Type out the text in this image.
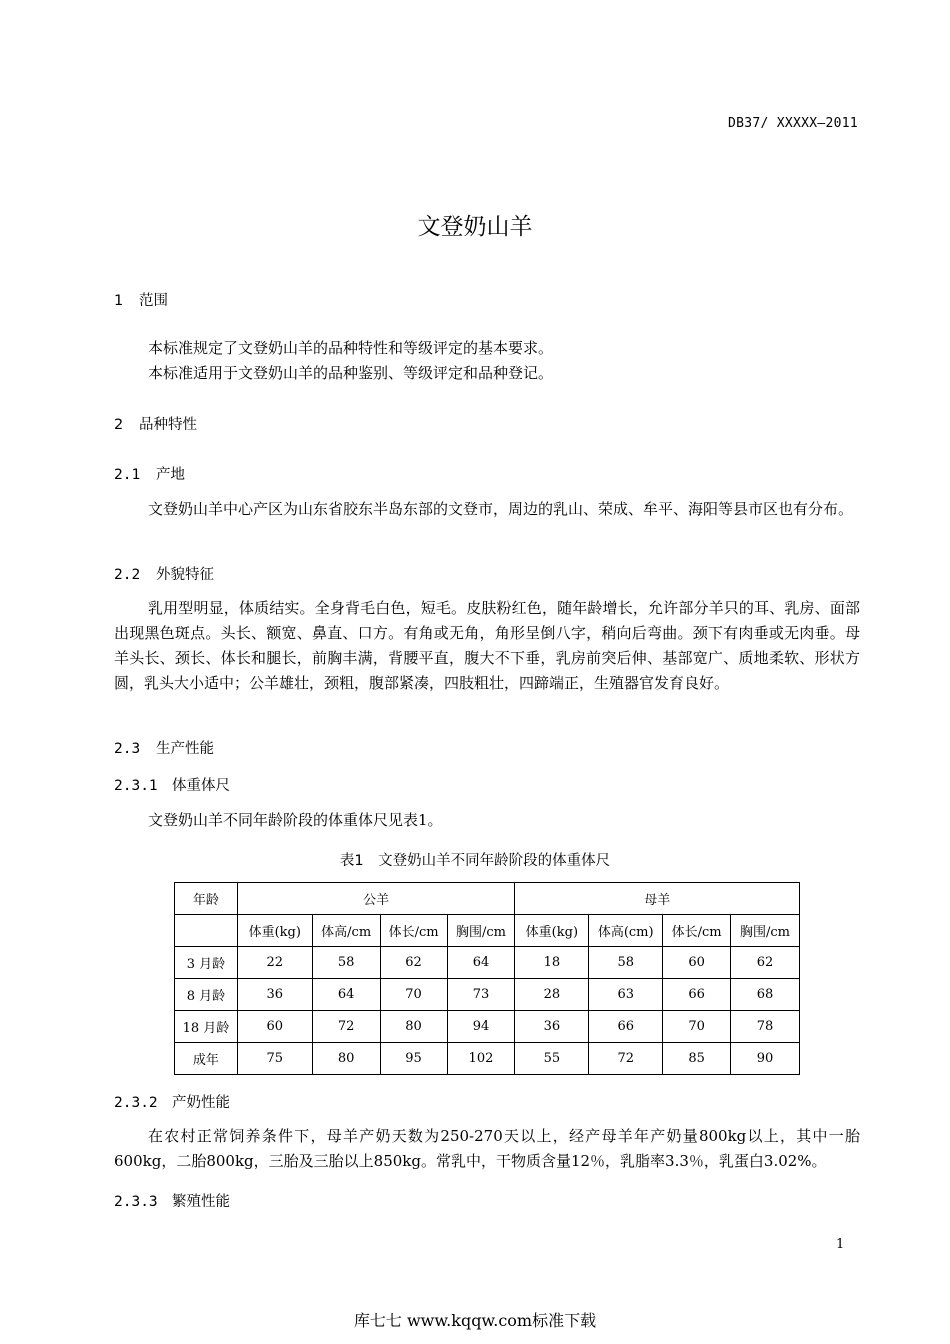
DB37/ XXXXX—2011
文登奶山羊
1 范围

本标准规定了文登奶山羊的品种特性和等级评定的基本要求。

本标准适用于文登奶山羊的品种鉴别、等级评定和品种登记。

2 品种特性
2.1 产地

文登奶山羊中心产区为山东省胶东半岛东部的文登市，周边的乳山、荣成、牟平、海阳等县市区也有分布。

2.2 外貌特征

乳用型明显，体质结实。全身背毛白色，短毛。皮肤粉红色，随年龄增长，允许部分羊只的耳、乳房、面部出现黑色斑点。头长、额宽、鼻直、口方。有角或无角，角形呈倒八字，稍向后弯曲。颈下有肉垂或无肉垂。母羊头长、颈长、体长和腿长，前胸丰满，背腰平直，腹大不下垂，乳房前突后伸、基部宽广、质地柔软、形状方圆，乳头大小适中；公羊雄壮，颈粗，腹部紧凑，四肢粗壮，四蹄端正，生殖器官发育良好。

2.3 生产性能
2.3.1 体重体尺

文登奶山羊不同年龄阶段的体重体尺见表1。

表1　文登奶山羊不同年龄阶段的体重体尺
年龄	公羊				母羊			
	体重(kg)	体高/cm	体长/cm	胸围/cm	体重(kg)	体高(cm)	体长/cm	胸围/cm
3 月龄	22	58	62	64	18	58	60	62
8 月龄	36	64	70	73	28	63	66	68
18 月龄	60	72	80	94	36	66	70	78
成年	75	80	95	102	55	72	85	90
2.3.2 产奶性能

在农村正常饲养条件下，母羊产奶天数为250-270天以上，经产母羊年产奶量800kg以上，其中一胎600kg，二胎800kg，三胎及三胎以上850kg。常乳中，干物质含量12％，乳脂率3.3％，乳蛋白3.02%。

2.3.3 繁殖性能
1
库七七 www.kqqw.com标准下载
